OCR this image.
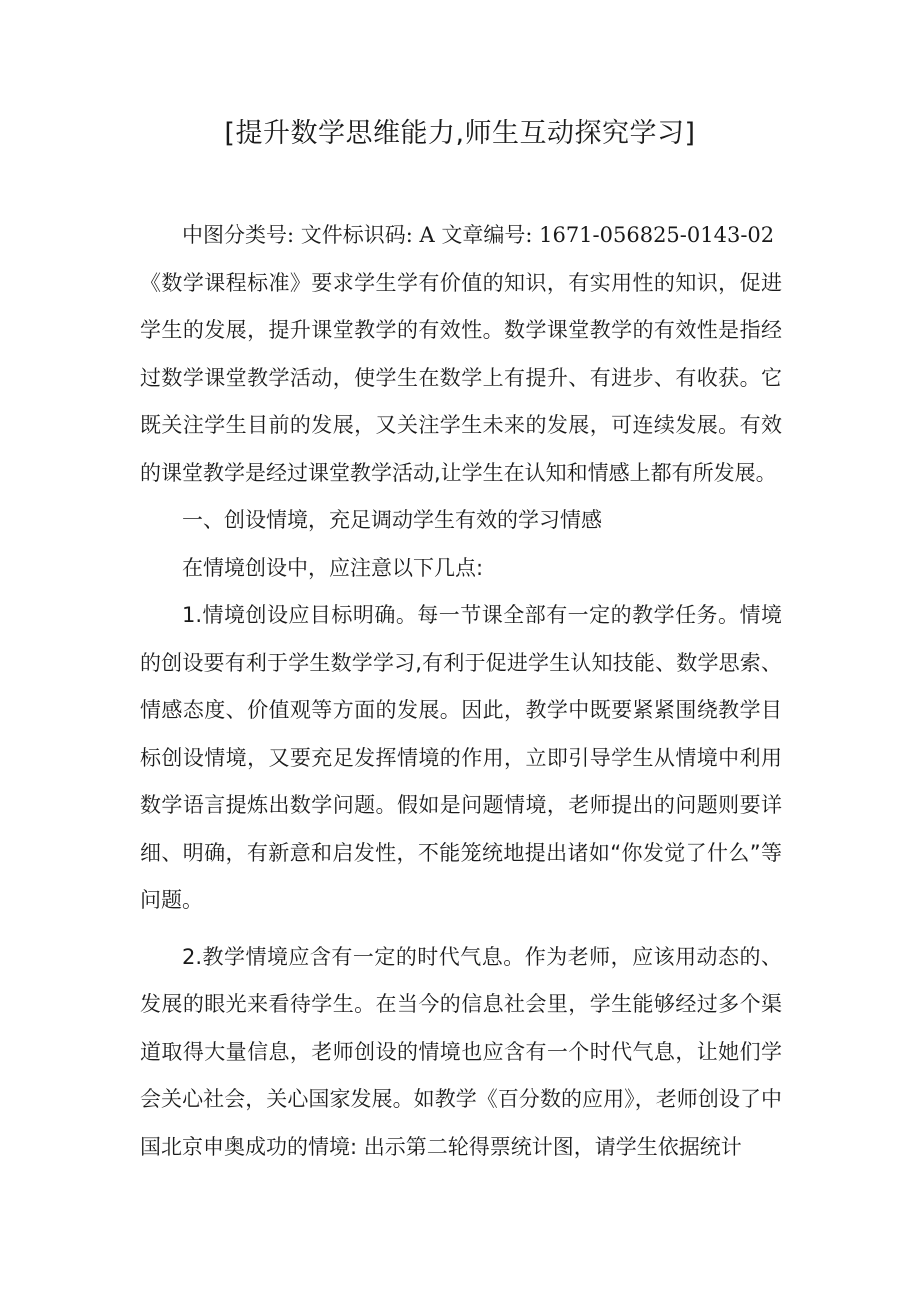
[提升数学思维能力,师生互动探究学习]

中图分类号: 文件标识码: A 文章编号: 1671-056825-0143-02

《数学课程标准》要求学生学有价值的知识，有实用性的知识，促进学生的发展，提升课堂教学的有效性。数学课堂教学的有效性是指经过数学课堂教学活动，使学生在数学上有提升、有进步、有收获。它既关注学生目前的发展，又关注学生未来的发展，可连续发展。有效的课堂教学是经过课堂教学活动,让学生在认知和情感上都有所发展。

一、创设情境，充足调动学生有效的学习情感

在情境创设中，应注意以下几点:

1.情境创设应目标明确。每一节课全部有一定的教学任务。情境的创设要有利于学生数学学习,有利于促进学生认知技能、数学思索、情感态度、价值观等方面的发展。因此，教学中既要紧紧围绕教学目标创设情境，又要充足发挥情境的作用，立即引导学生从情境中利用数学语言提炼出数学问题。假如是问题情境，老师提出的问题则要详细、明确，有新意和启发性，不能笼统地提出诸如“你发觉了什么”等问题。

2.教学情境应含有一定的时代气息。作为老师，应该用动态的、发展的眼光来看待学生。在当今的信息社会里，学生能够经过多个渠道取得大量信息，老师创设的情境也应含有一个时代气息，让她们学会关心社会，关心国家发展。如教学《百分数的应用》，老师创设了中国北京申奥成功的情境: 出示第二轮得票统计图，请学生依据统计
